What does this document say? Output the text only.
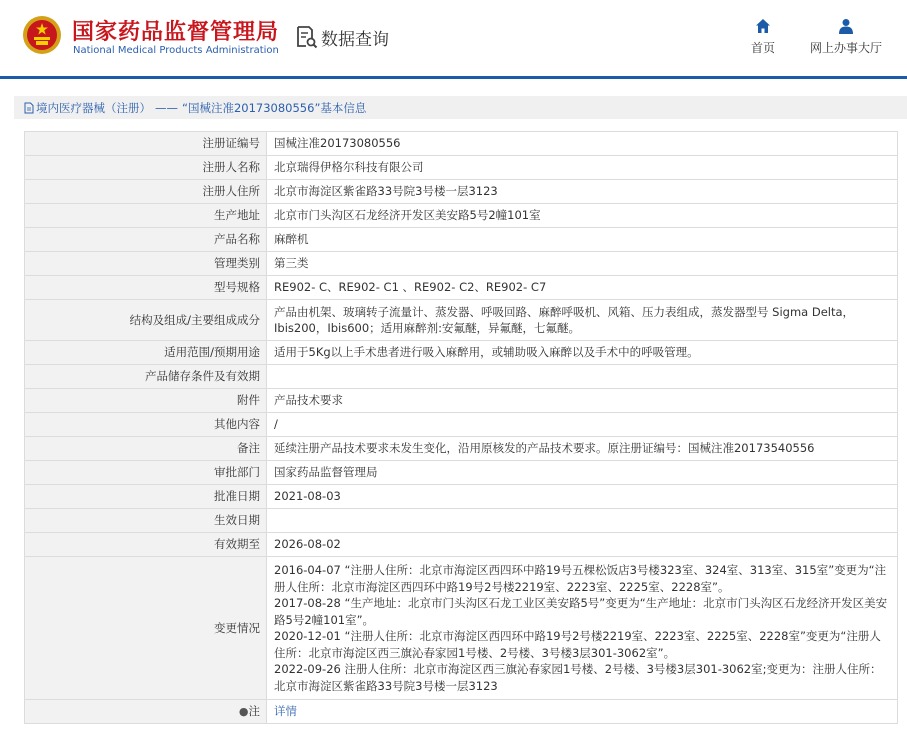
国家药品监督管理局
National Medical Products Administration
数据查询	首页	网上办事大厅
境内医疗器械（注册） —— “国械注准20173080556”基本信息
注册证编号	国械注准20173080556
注册人名称	北京瑞得伊格尔科技有限公司
注册人住所	北京市海淀区紫雀路33号院3号楼一层3123
生产地址	北京市门头沟区石龙经济开发区美安路5号2幢101室
产品名称	麻醉机
管理类别	第三类
型号规格	RE902- C、RE902- C1 、RE902- C2、RE902- C7
结构及组成/主要组成成分	产品由机架、玻璃转子流量计、蒸发器、呼吸回路、麻醉呼吸机、风箱、压力表组成，蒸发器型号 Sigma Delta，Ibis200，Ibis600；适用麻醉剂:安氟醚，异氟醚，七氟醚。
适用范围/预期用途	适用于5Kg以上手术患者进行吸入麻醉用，或辅助吸入麻醉以及手术中的呼吸管理。
产品储存条件及有效期	
附件	产品技术要求
其他内容	/
备注	延续注册产品技术要求未发生变化，沿用原核发的产品技术要求。原注册证编号：国械注准20173540556
审批部门	国家药品监督管理局
批准日期	2021-08-03
生效日期	
有效期至	2026-08-02
变更情况	2016-04-07 “注册人住所：北京市海淀区西四环中路19号五棵松饭店3号楼323室、324室、313室、315室”变更为“注册人住所：北京市海淀区西四环中路19号2号楼2219室、2223室、2225室、2228室”。
2017-08-28 “生产地址：北京市门头沟区石龙工业区美安路5号”变更为“生产地址：北京市门头沟区石龙经济开发区美安路5号2幢101室”。
2020-12-01 “注册人住所：北京市海淀区西四环中路19号2号楼2219室、2223室、2225室、2228室”变更为“注册人住所：北京市海淀区西三旗沁春家园1号楼、2号楼、3号楼3层301-3062室”。
2022-09-26 注册人住所：北京市海淀区西三旗沁春家园1号楼、2号楼、3号楼3层301-3062室;变更为：注册人住所：北京市海淀区紫雀路33号院3号楼一层3123

●注	详情
